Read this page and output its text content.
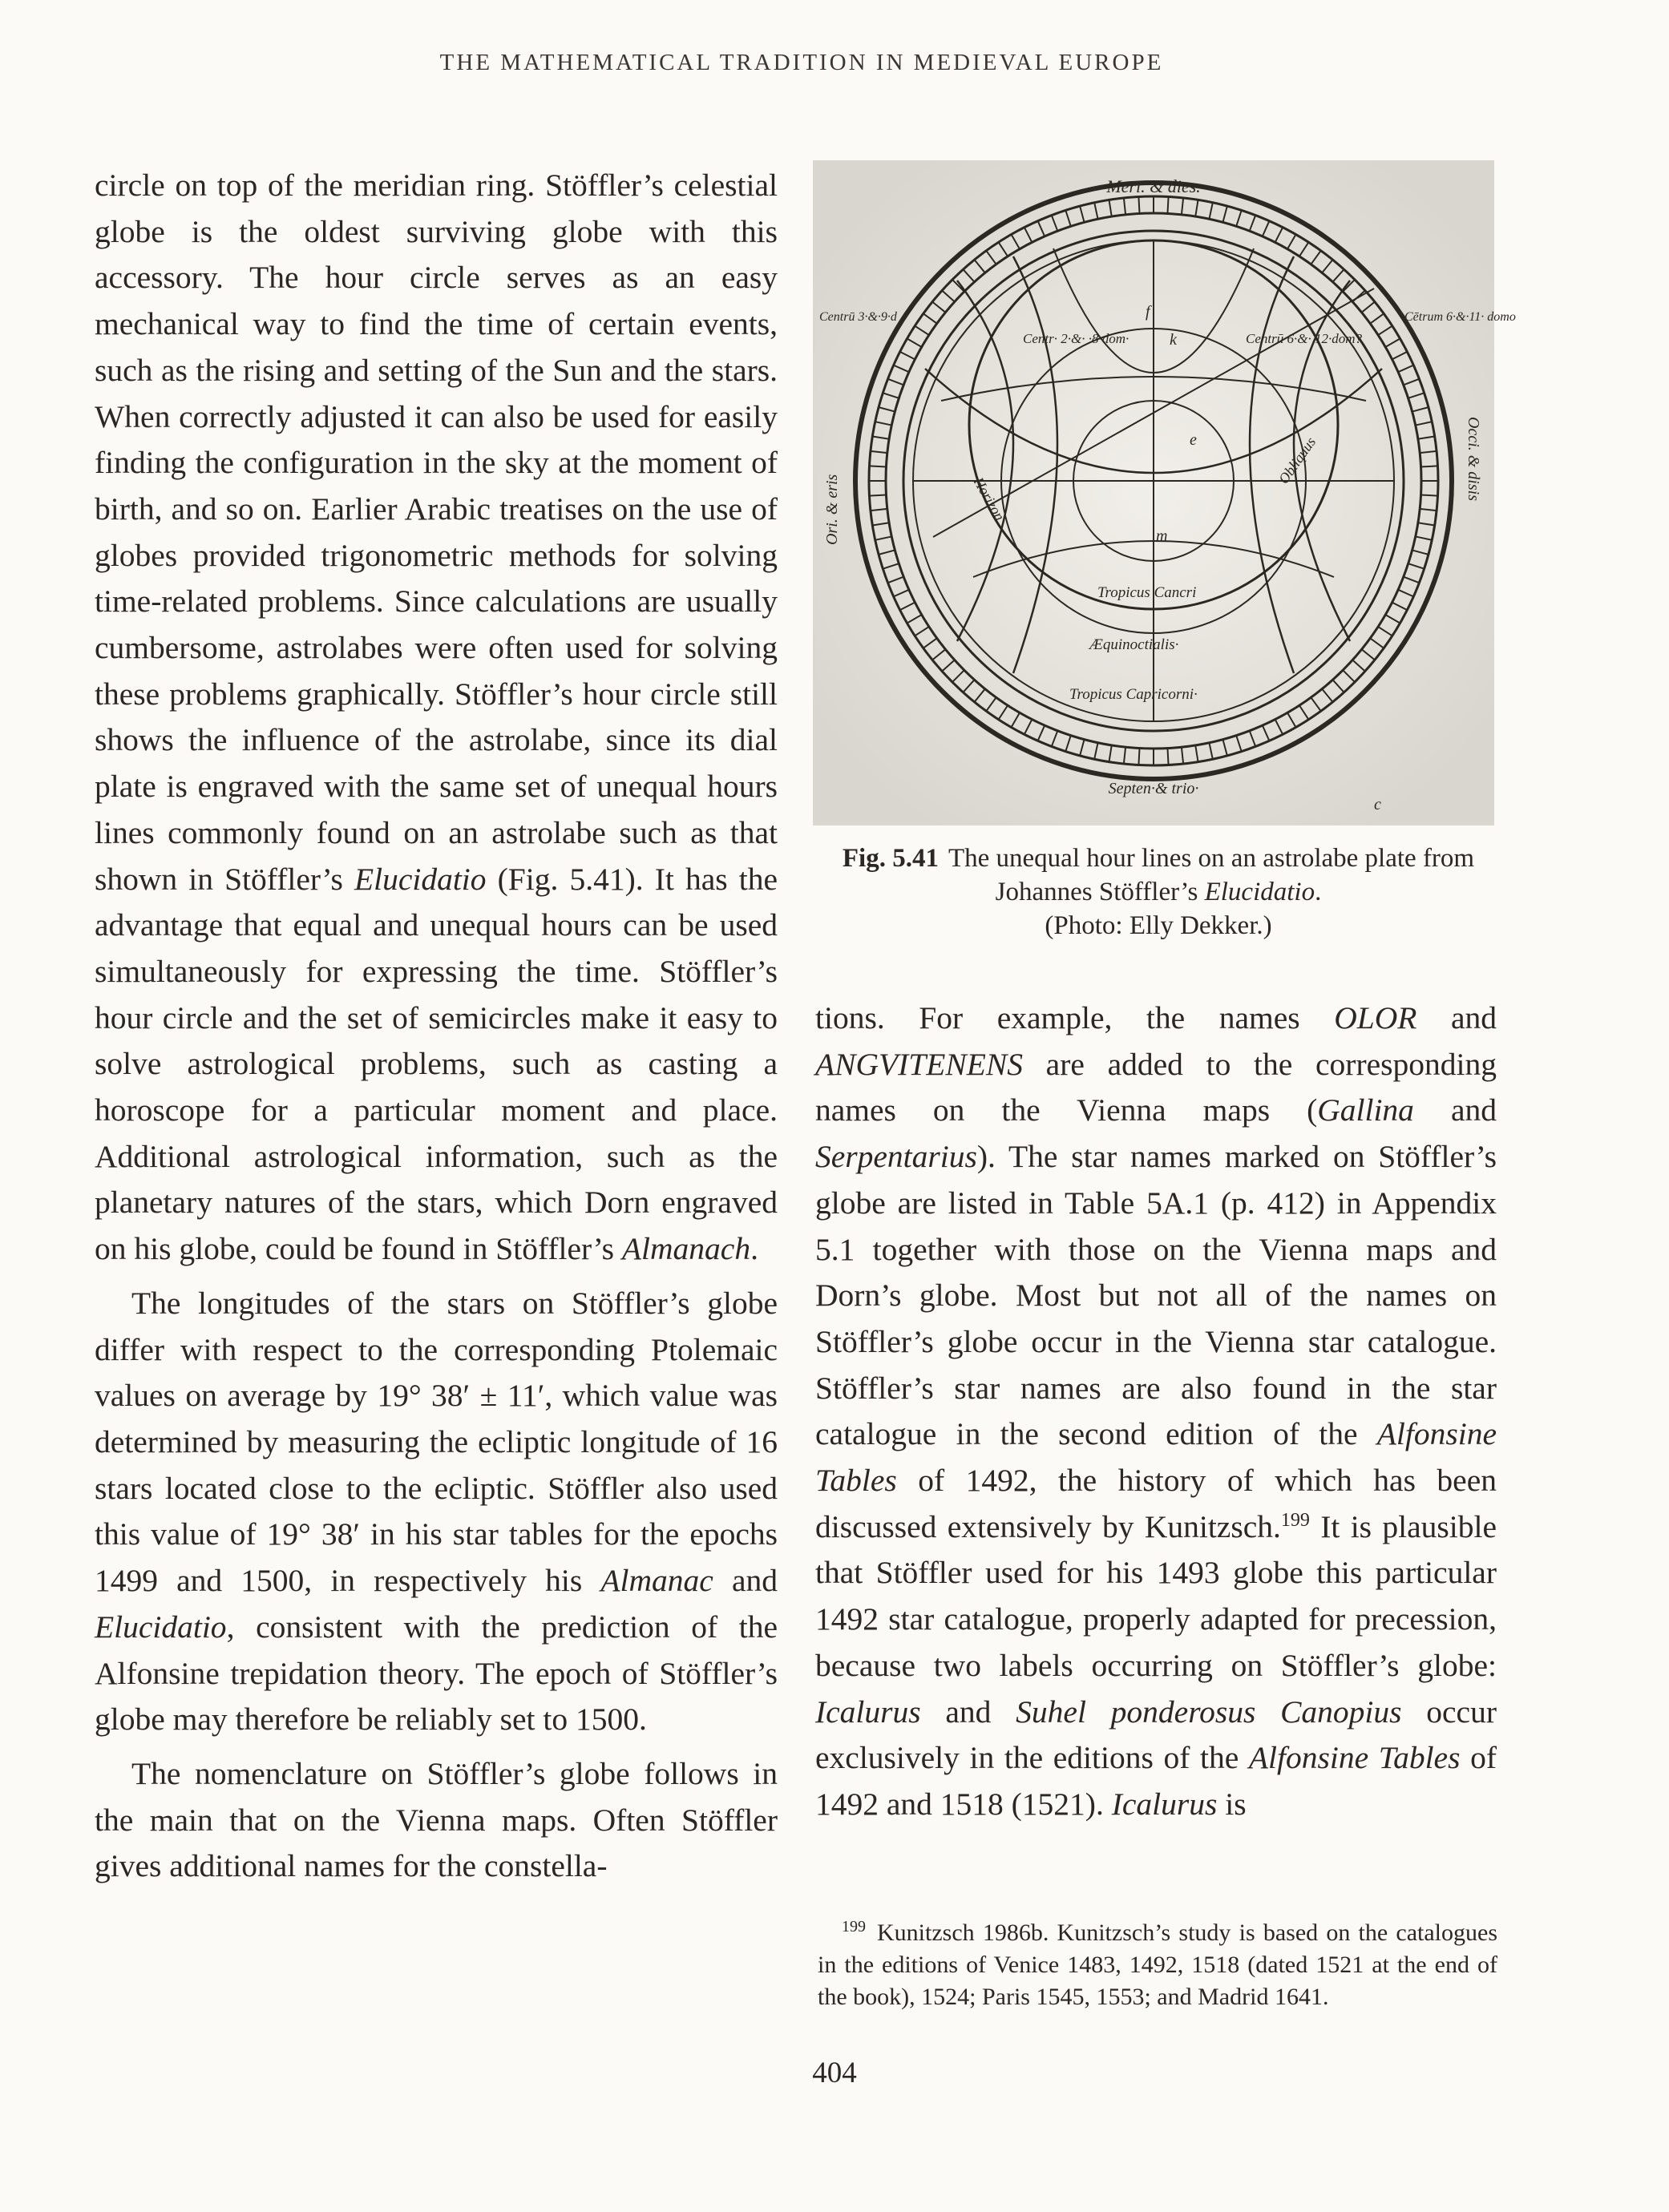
THE MATHEMATICAL TRADITION IN MEDIEVAL EUROPE

circle on top of the meridian ring. Stöffler’s celestial globe is the oldest surviving globe with this accessory. The hour circle serves as an easy mechanical way to find the time of certain events, such as the rising and setting of the Sun and the stars. When correctly adjusted it can also be used for easily finding the configuration in the sky at the moment of birth, and so on. Earlier Arabic treatises on the use of globes provided trigonometric methods for solving time-related problems. Since calculations are usually cumbersome, astrolabes were often used for solving these problems graphically. Stöffler’s hour circle still shows the influence of the astrolabe, since its dial plate is engraved with the same set of unequal hours lines commonly found on an astrolabe such as that shown in Stöffler’s Elucidatio (Fig. 5.41). It has the advantage that equal and unequal hours can be used simultaneously for expressing the time. Stöffler’s hour circle and the set of semicircles make it easy to solve astrological problems, such as casting a horoscope for a particular moment and place. Additional astrological information, such as the planetary natures of the stars, which Dorn engraved on his globe, could be found in Stöffler’s Almanach.

The longitudes of the stars on Stöffler’s globe differ with respect to the corresponding Ptolemaic values on average by 19° 38′ ± 11′, which value was determined by measuring the ecliptic longitude of 16 stars located close to the ecliptic. Stöffler also used this value of 19° 38′ in his star tables for the epochs 1499 and 1500, in respectively his Almanac and Elucidatio, consistent with the prediction of the Alfonsine trepidation theory. The epoch of Stöffler’s globe may therefore be reliably set to 1500.

The nomenclature on Stöffler’s globe follows in the main that on the Vienna maps. Often Stöffler gives additional names for the constella-

Meri. & dies.
Centrū 3·&·9·d	Cētrum 6·&·11· domo
Centr· 2·&· ·8·dom·	Centrū 6·&· 12·dom?
Ori. & eris
Occi. & disis
Septen·& trio·
Tropicus Cancri
Æquinoctialis·
Tropicus Capricorni·
Obliquus
Horizon
e
m
k
f
c
Fig. 5.41 The unequal hour lines on an astrolabe plate from Johannes Stöffler’s Elucidatio.
(Photo: Elly Dekker.)

tions. For example, the names OLOR and ANGVITENENS are added to the corresponding names on the Vienna maps (Gallina and Serpentarius). The star names marked on Stöffler’s globe are listed in Table 5A.1 (p. 412) in Appendix 5.1 together with those on the Vienna maps and Dorn’s globe. Most but not all of the names on Stöffler’s globe occur in the Vienna star catalogue. Stöffler’s star names are also found in the star catalogue in the second edition of the Alfonsine Tables of 1492, the history of which has been discussed extensively by Kunitzsch.$^{199}$ It is plausible that Stöffler used for his 1493 globe this particular 1492 star catalogue, properly adapted for precession, because two labels occurring on Stöffler’s globe: Icalurus and Suhel ponderosus Canopius occur exclusively in the editions of the Alfonsine Tables of 1492 and 1518 (1521). Icalurus is

$^{199}$ Kunitzsch 1986b. Kunitzsch’s study is based on the catalogues in the editions of Venice 1483, 1492, 1518 (dated 1521 at the end of the book), 1524; Paris 1545, 1553; and Madrid 1641.
404
